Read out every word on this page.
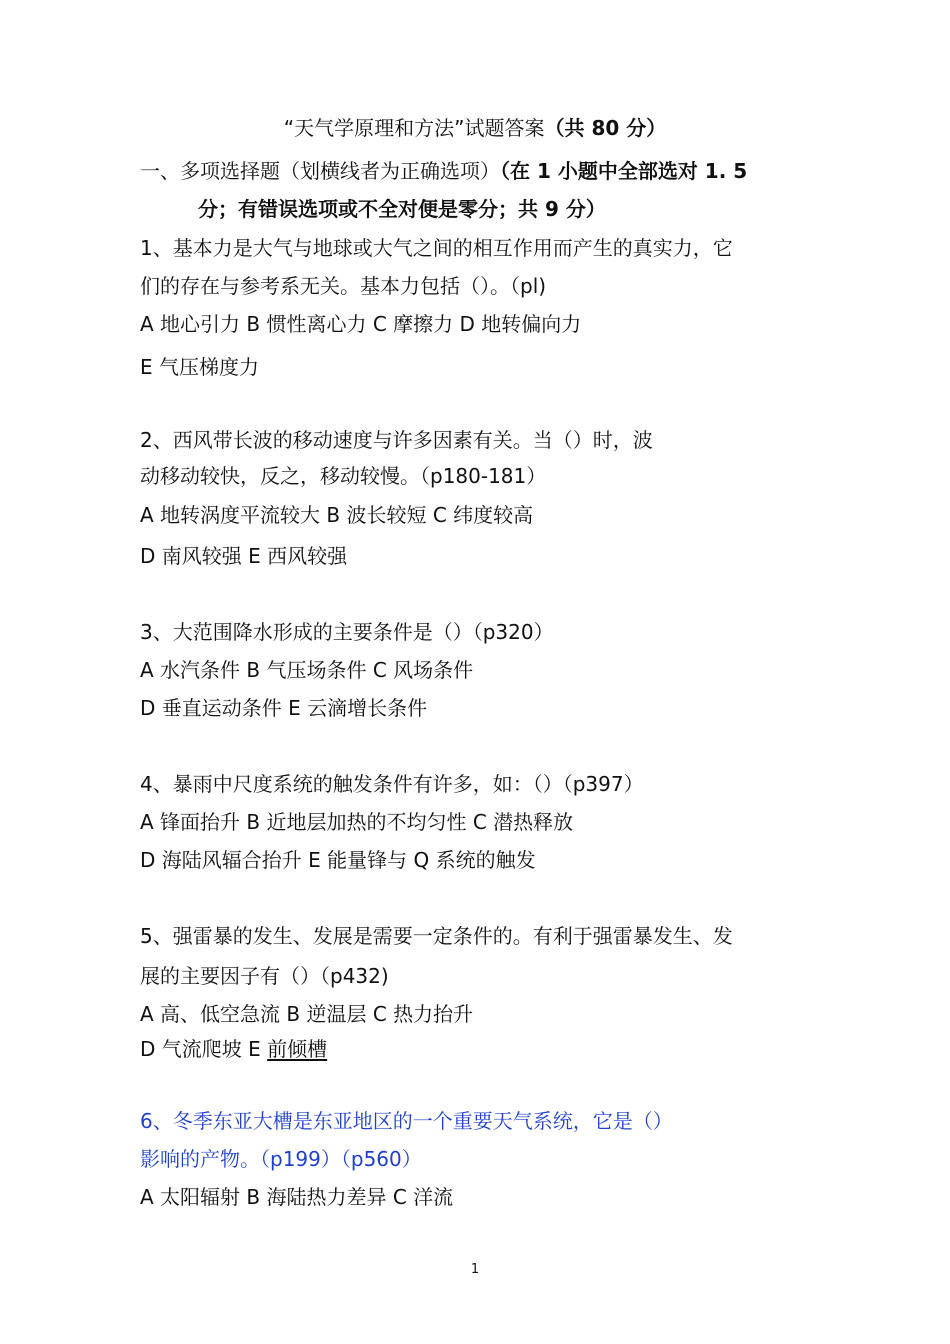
“天气学原理和方法”试题答案（共 80 分）
一、多项选择题（划横线者为正确选项）（在 1 小题中全部选对 1. 5
分；有错误选项或不全对便是零分；共 9 分）
1、基本力是大气与地球或大气之间的相互作用而产生的真实力，它
们的存在与参考系无关。基本力包括（）。（pl)
A 地心引力 B 惯性离心力 C 摩擦力 D 地转偏向力
E 气压梯度力
2、西风带长波的移动速度与许多因素有关。当（）时，波
动移动较快，反之，移动较慢。（p180-181）
A 地转涡度平流较大 B 波长较短 C 纬度较高
D 南风较强 E 西风较强
3、大范围降水形成的主要条件是（）（p320）
A 水汽条件 B 气压场条件 C 风场条件
D 垂直运动条件 E 云滴增长条件
4、暴雨中尺度系统的触发条件有许多，如：（）（p397）
A 锋面抬升 B 近地层加热的不均匀性 C 潜热释放
D 海陆风辐合抬升 E 能量锋与 Q 系统的触发
5、强雷暴的发生、发展是需要一定条件的。有利于强雷暴发生、发
展的主要因子有（）（p432)
A 高、低空急流 B 逆温层 C 热力抬升
D 气流爬坡 E 前倾槽
6、冬季东亚大槽是东亚地区的一个重要天气系统，它是（）
影响的产物。（p199）（p560）
A 太阳辐射 B 海陆热力差异 C 洋流
1
